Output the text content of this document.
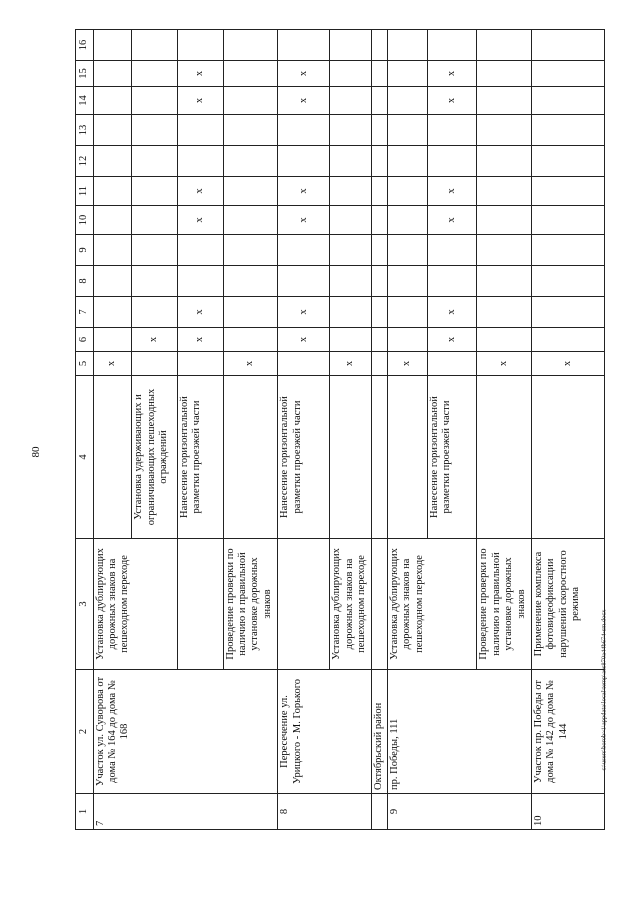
80
c:\users\borob~1\appdata\local\temp\aes870a44b674-sm.docx
1	2	3	4	5	6	7	8	9	10	11	12	13	14	15	16
7	Участок ул. Суворова от дома № 164 до дома № 168	Установка дублирующих дорожных знаков на пешеходном переходе		x											
			Установка удерживающих и ограничивающих пешеходных ограждений		x										
			Нанесение горизонтальной разметки проезжей части		x	x			x	x			x	x	
		Проведение проверки по наличию и правильной установке дорожных знаков		x											
8	Пересечение ул. Урицкого - М. Горького		Нанесение горизонтальной разметки проезжей части		x	x			x	x			x	x	
		Установка дублирующих дорожных знаков на пешеходном переходе		x											
	Октябрьский район														
9	пр. Победы, 111	Установка дублирующих дорожных знаков на пешеходном переходе		x											
			Нанесение горизонтальной разметки проезжей части		x	x			x	x			x	x	
		Проведение проверки по наличию и правильной установке дорожных знаков		x											
10	Участок пр. Победы от дома № 142 до дома № 144	Применение комплекса фотовидеофиксации нарушений скоростного режима		x											
